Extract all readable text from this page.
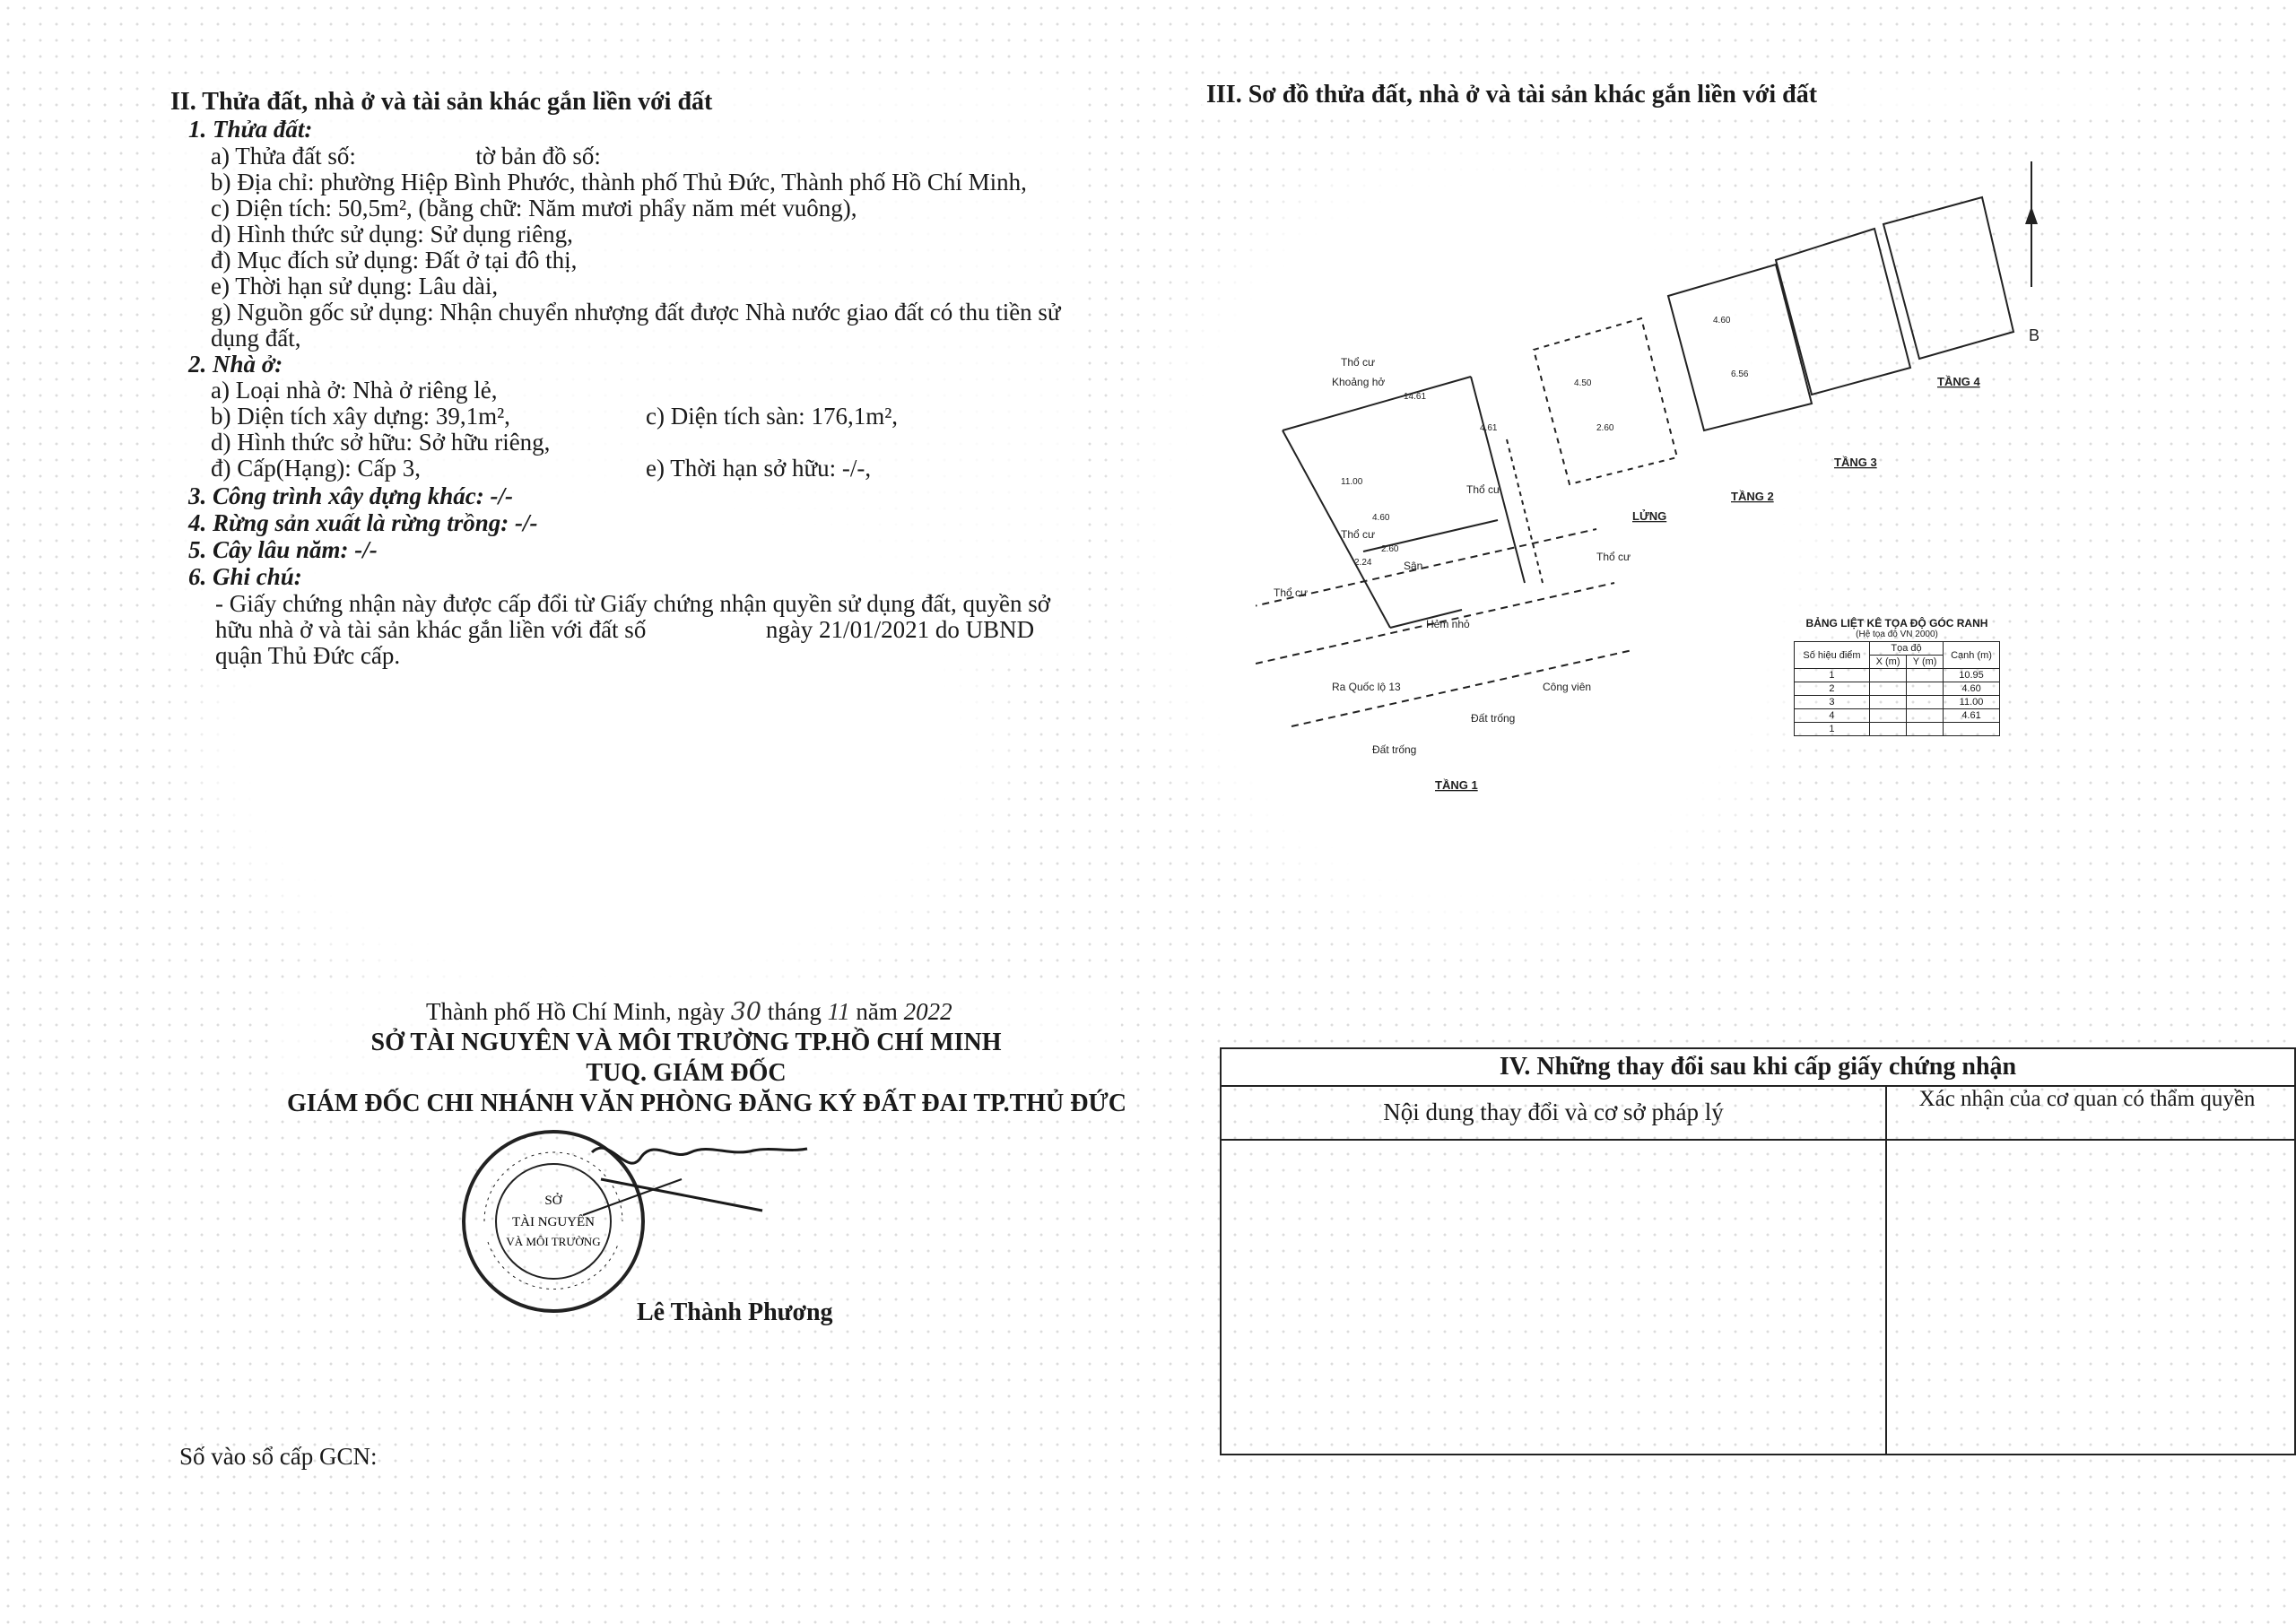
II. Thửa đất, nhà ở và tài sản khác gắn liền với đất
1. Thửa đất:
a) Thửa đất số:	tờ bản đồ số:
b) Địa chỉ: phường Hiệp Bình Phước, thành phố Thủ Đức, Thành phố Hồ Chí Minh,
c) Diện tích: 50,5m², (bằng chữ: Năm mươi phẩy năm mét vuông),
d) Hình thức sử dụng: Sử dụng riêng,
đ) Mục đích sử dụng: Đất ở tại đô thị,
e) Thời hạn sử dụng: Lâu dài,
g) Nguồn gốc sử dụng: Nhận chuyển nhượng đất được Nhà nước giao đất có thu tiền sử
dụng đất,
2. Nhà ở:
a) Loại nhà ở: Nhà ở riêng lẻ,
b) Diện tích xây dựng: 39,1m²,	c) Diện tích sàn: 176,1m²,
d) Hình thức sở hữu: Sở hữu riêng,
đ) Cấp(Hạng): Cấp 3,	e) Thời hạn sở hữu: -/-,
3. Công trình xây dựng khác: -/-
4. Rừng sản xuất là rừng trồng: -/-
5. Cây lâu năm: -/-
6. Ghi chú:
- Giấy chứng nhận này được cấp đổi từ Giấy chứng nhận quyền sử dụng đất, quyền sở
hữu nhà ở và tài sản khác gắn liền với đất số	ngày 21/01/2021 do UBND
quận Thủ Đức cấp.
Thành phố Hồ Chí Minh, ngày 30 tháng 11 năm 2022
SỞ TÀI NGUYÊN VÀ MÔI TRƯỜNG TP.HỒ CHÍ MINH
TUQ. GIÁM ĐỐC
GIÁM ĐỐC CHI NHÁNH VĂN PHÒNG ĐĂNG KÝ ĐẤT ĐAI TP.THỦ ĐỨC
SỞ
TÀI NGUYÊN
VÀ MÔI TRƯỜNG
Lê Thành Phương
Số vào sổ cấp GCN:
III. Sơ đồ thửa đất, nhà ở và tài sản khác gắn liền với đất
Thổ cư
Khoảng hở
Thổ cư
Thổ cư
Thổ cư
Thổ cư
Sân
Hẻm nhỏ
Ra Quốc lộ 13	Công viên
Đất trống
Đất trống
B
14.61
4.60
11.00
4.61
2.60
2.24
4.50
2.60
4.60
6.56
TẦNG 1
LỬNG
TẦNG 2
TẦNG 3
TẦNG 4
BẢNG LIỆT KÊ TỌA ĐỘ GÓC RANH
(Hệ tọa độ VN 2000)
Số hiệu điểm	Tọa độ		Cạnh (m)
	X (m)	Y (m)	
1			10.95
2			4.60
3			11.00
4			4.61
1			
IV. Những thay đổi sau khi cấp giấy chứng nhận
Nội dung thay đổi và cơ sở pháp lý	Xác nhận của cơ quan có thẩm quyền
